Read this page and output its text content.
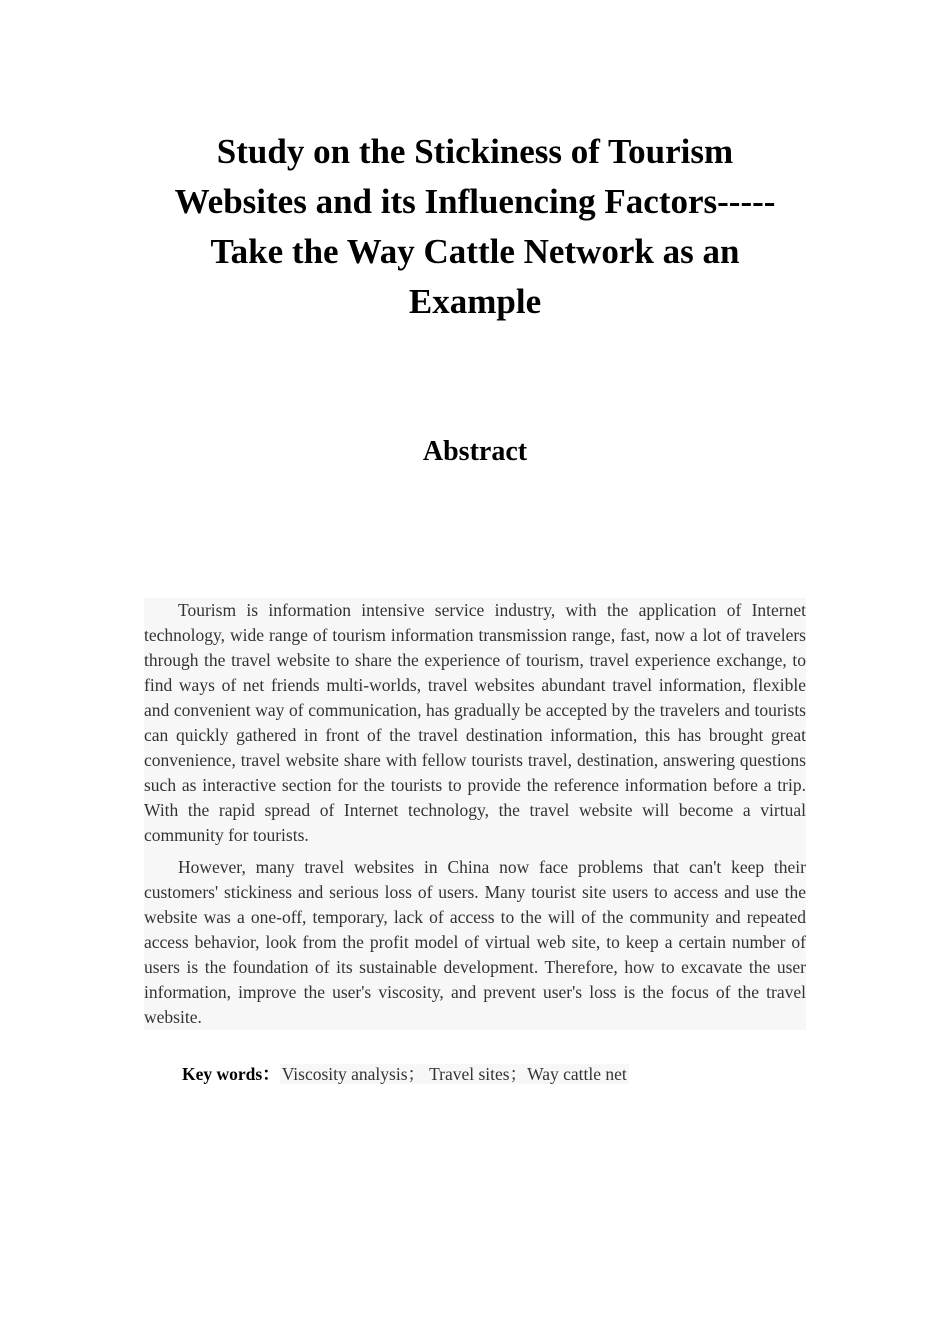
Study on the Stickiness of Tourism
Websites and its Influencing Factors-----
Take the Way Cattle Network as an
Example
Abstract

Tourism is information intensive service industry, with the application of Internet technology, wide range of tourism information transmission range, fast, now a lot of travelers through the travel website to share the experience of tourism, travel experience exchange, to find ways of net friends multi-worlds, travel websites abundant travel information, flexible and convenient way of communication, has gradually be accepted by the travelers and tourists can quickly gathered in front of the travel destination information, this has brought great convenience, travel website share with fellow tourists travel, destination, answering questions such as interactive section for the tourists to provide the reference information before a trip. With the rapid spread of Internet technology, the travel website will become a virtual community for tourists.

However, many travel websites in China now face problems that can't keep their customers' stickiness and serious loss of users. Many tourist site users to access and use the website was a one-off, temporary, lack of access to the will of the community and repeated access behavior, look from the profit model of virtual web site, to keep a certain number of users is the foundation of its sustainable development. Therefore, how to excavate the user information, improve the user's viscosity, and prevent user's loss is the focus of the travel website.

Key words： Viscosity analysis； Travel sites；Way cattle net
